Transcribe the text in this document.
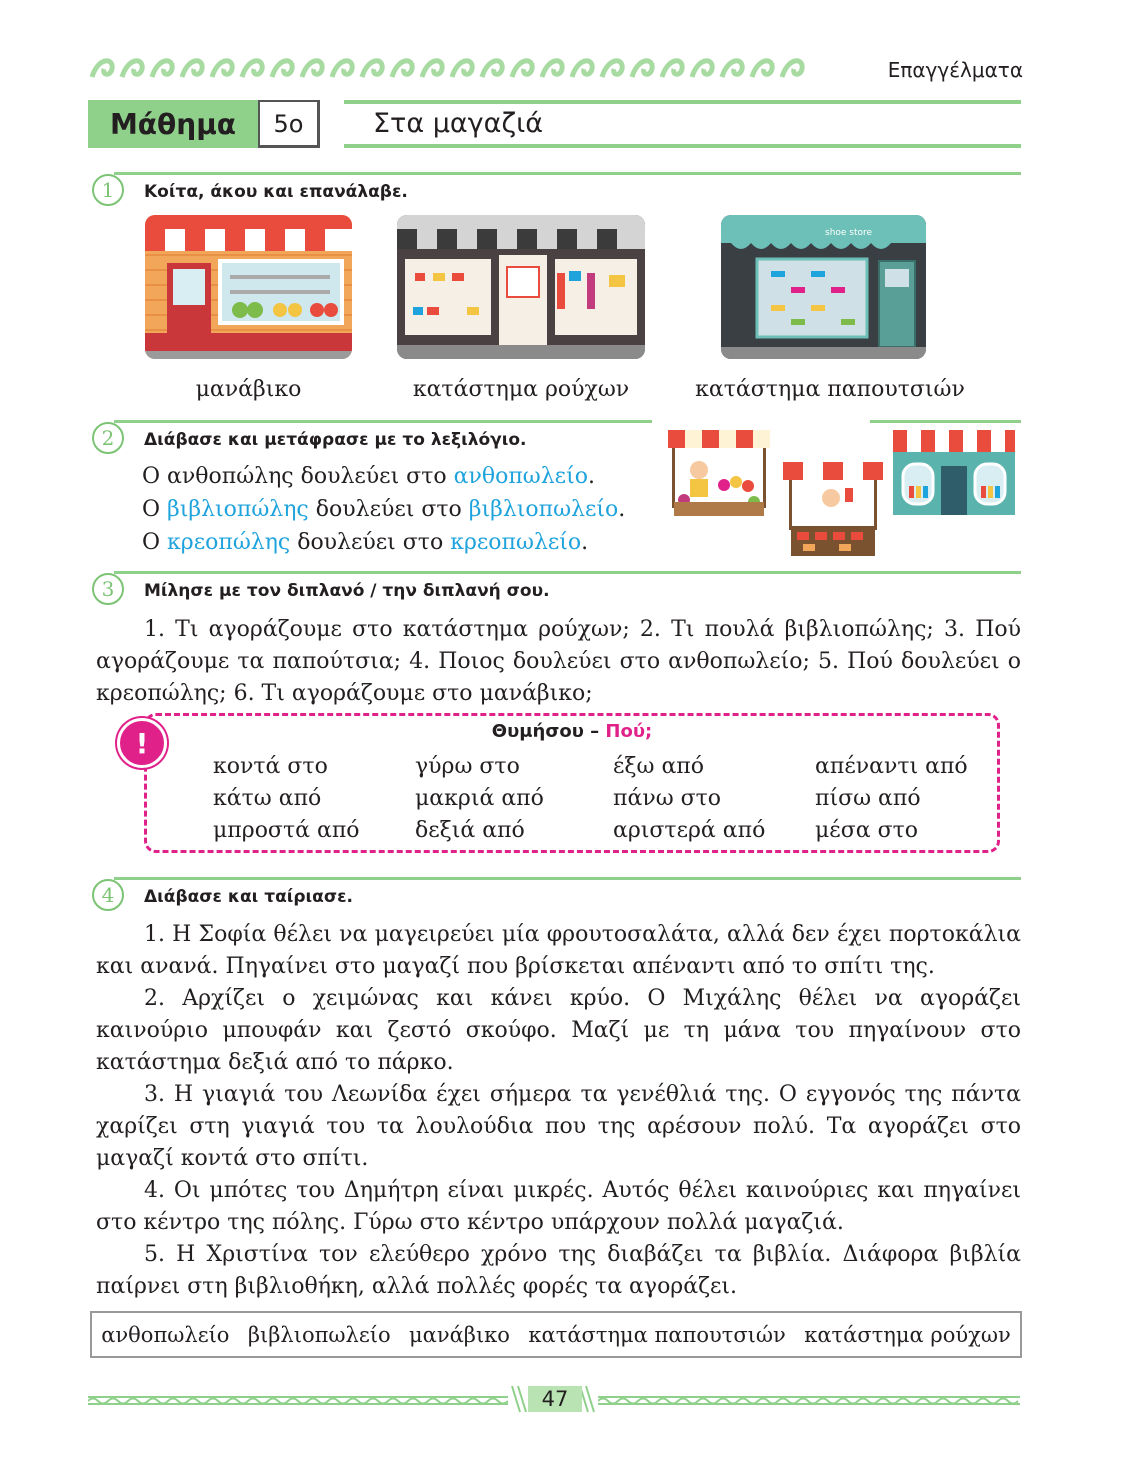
Επαγγέλματα
Μάθημα	5ο	Στα μαγαζιά
1	Κοίτα, άκου και επανάλαβε.
shoe store
μανάβικο	κατάστημα ρούχων	κατάστημα παπουτσιών
2	Διάβασε και μετάφρασε με το λεξιλόγιο.
Ο ανθοπώλης δουλεύει στο ανθοπωλείο.
Ο βιβλιοπώλης δουλεύει στο βιβλιοπωλείο.
Ο κρεοπώλης δουλεύει στο κρεοπωλείο.
3	Μίλησε με τον διπλανό / την διπλανή σου.
1. Τι αγοράζουμε στο κατάστημα ρούχων; 2. Τι πουλά βιβλιοπώλης; 3. Πού αγοράζουμε τα παπούτσια; 4. Ποιος δουλεύει στο ανθοπωλείο; 5. Πού δουλεύει ο κρεοπώλης; 6. Τι αγοράζουμε στο μανάβικο;
Θυμήσου – Πού;
κοντά στο	γύρω στο	έξω από	απέναντι από
κάτω από	μακριά από	πάνω στο	πίσω από
μπροστά από	δεξιά από	αριστερά από	μέσα στο
!
4	Διάβασε και ταίριασε.
1. Η Σοφία θέλει να μαγειρεύει μία φρουτοσαλάτα, αλλά δεν έχει πορτοκάλια και ανανά. Πηγαίνει στο μαγαζί που βρίσκεται απέναντι από το σπίτι της.
2. Αρχίζει ο χειμώνας και κάνει κρύο. Ο Μιχάλης θέλει να αγοράζει καινούριο μπουφάν και ζεστό σκούφο. Μαζί με τη μάνα του πηγαίνουν στο κατάστημα δεξιά από το πάρκο.
3. Η γιαγιά του Λεωνίδα έχει σήμερα τα γενέθλιά της. Ο εγγονός της πάντα χαρίζει στη γιαγιά του τα λουλούδια που της αρέσουν πολύ. Τα αγοράζει στο μαγαζί κοντά στο σπίτι.
4. Οι μπότες του Δημήτρη είναι μικρές. Αυτός θέλει καινούριες και πηγαίνει στο κέντρο της πόλης. Γύρω στο κέντρο υπάρχουν πολλά μαγαζιά.
5. Η Χριστίνα τον ελεύθερο χρόνο της διαβάζει τα βιβλία. Διάφορα βιβλία παίρνει στη βιβλιοθήκη, αλλά πολλές φορές τα αγοράζει.
ανθοπωλείο βιβλιοπωλείο μανάβικο κατάστημα παπουτσιών κατάστημα ρούχων
47
